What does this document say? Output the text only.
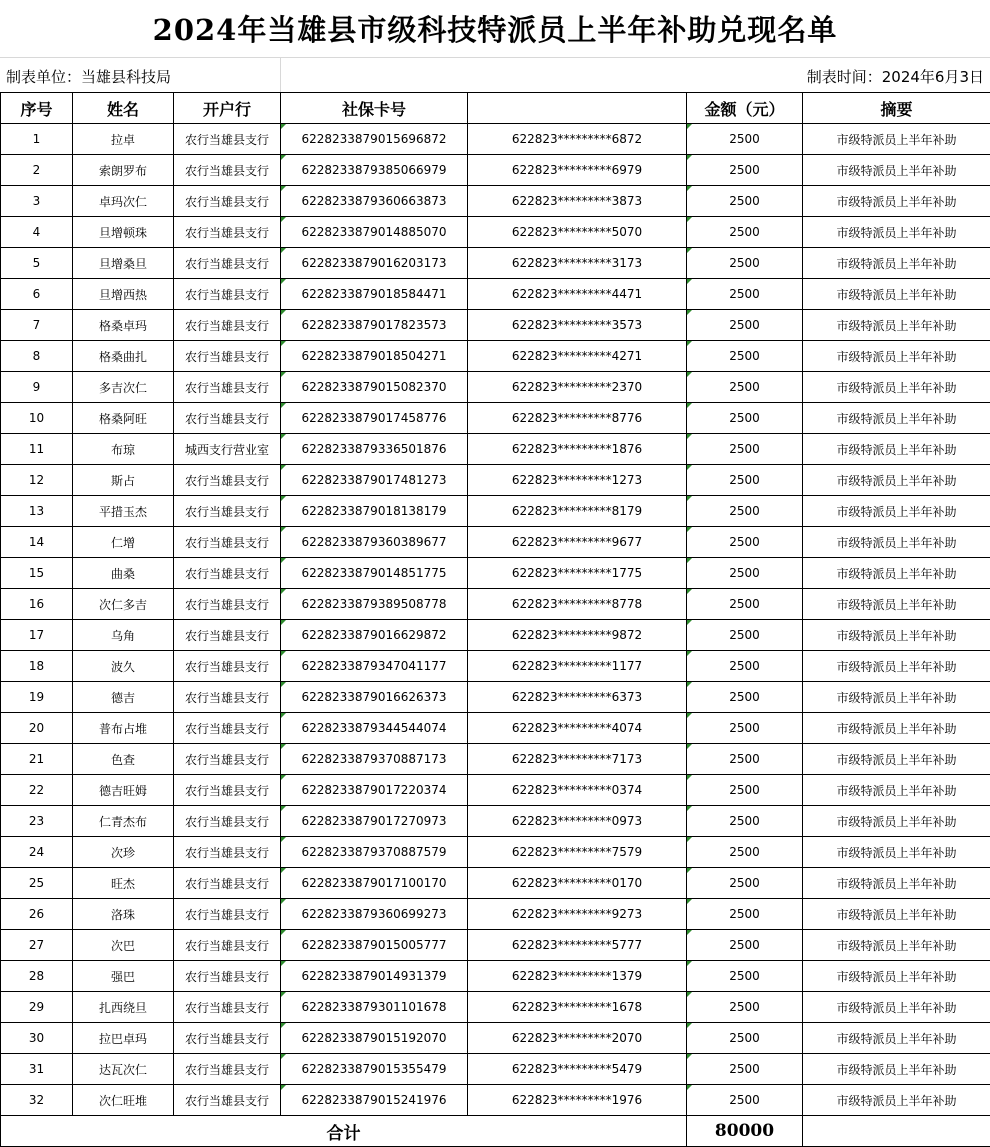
2024年当雄县市级科技特派员上半年补助兑现名单
制表单位：当雄县科技局	制表时间：2024年6月3日
序号	姓名	开户行	社保卡号		金额（元）	摘要
1	拉卓	农行当雄县支行	6228233879015696872	622823*********6872	2500	市级特派员上半年补助
2	索朗罗布	农行当雄县支行	6228233879385066979	622823*********6979	2500	市级特派员上半年补助
3	卓玛次仁	农行当雄县支行	6228233879360663873	622823*********3873	2500	市级特派员上半年补助
4	旦增顿珠	农行当雄县支行	6228233879014885070	622823*********5070	2500	市级特派员上半年补助
5	旦增桑旦	农行当雄县支行	6228233879016203173	622823*********3173	2500	市级特派员上半年补助
6	旦增西热	农行当雄县支行	6228233879018584471	622823*********4471	2500	市级特派员上半年补助
7	格桑卓玛	农行当雄县支行	6228233879017823573	622823*********3573	2500	市级特派员上半年补助
8	格桑曲扎	农行当雄县支行	6228233879018504271	622823*********4271	2500	市级特派员上半年补助
9	多吉次仁	农行当雄县支行	6228233879015082370	622823*********2370	2500	市级特派员上半年补助
10	格桑阿旺	农行当雄县支行	6228233879017458776	622823*********8776	2500	市级特派员上半年补助
11	布琼	城西支行营业室	6228233879336501876	622823*********1876	2500	市级特派员上半年补助
12	斯占	农行当雄县支行	6228233879017481273	622823*********1273	2500	市级特派员上半年补助
13	平措玉杰	农行当雄县支行	6228233879018138179	622823*********8179	2500	市级特派员上半年补助
14	仁增	农行当雄县支行	6228233879360389677	622823*********9677	2500	市级特派员上半年补助
15	曲桑	农行当雄县支行	6228233879014851775	622823*********1775	2500	市级特派员上半年补助
16	次仁多吉	农行当雄县支行	6228233879389508778	622823*********8778	2500	市级特派员上半年补助
17	乌角	农行当雄县支行	6228233879016629872	622823*********9872	2500	市级特派员上半年补助
18	波久	农行当雄县支行	6228233879347041177	622823*********1177	2500	市级特派员上半年补助
19	德吉	农行当雄县支行	6228233879016626373	622823*********6373	2500	市级特派员上半年补助
20	普布占堆	农行当雄县支行	6228233879344544074	622823*********4074	2500	市级特派员上半年补助
21	色查	农行当雄县支行	6228233879370887173	622823*********7173	2500	市级特派员上半年补助
22	德吉旺姆	农行当雄县支行	6228233879017220374	622823*********0374	2500	市级特派员上半年补助
23	仁青杰布	农行当雄县支行	6228233879017270973	622823*********0973	2500	市级特派员上半年补助
24	次珍	农行当雄县支行	6228233879370887579	622823*********7579	2500	市级特派员上半年补助
25	旺杰	农行当雄县支行	6228233879017100170	622823*********0170	2500	市级特派员上半年补助
26	洛珠	农行当雄县支行	6228233879360699273	622823*********9273	2500	市级特派员上半年补助
27	次巴	农行当雄县支行	6228233879015005777	622823*********5777	2500	市级特派员上半年补助
28	强巴	农行当雄县支行	6228233879014931379	622823*********1379	2500	市级特派员上半年补助
29	扎西绕旦	农行当雄县支行	6228233879301101678	622823*********1678	2500	市级特派员上半年补助
30	拉巴卓玛	农行当雄县支行	6228233879015192070	622823*********2070	2500	市级特派员上半年补助
31	达瓦次仁	农行当雄县支行	6228233879015355479	622823*********5479	2500	市级特派员上半年补助
32	次仁旺堆	农行当雄县支行	6228233879015241976	622823*********1976	2500	市级特派员上半年补助
合计					80000	
